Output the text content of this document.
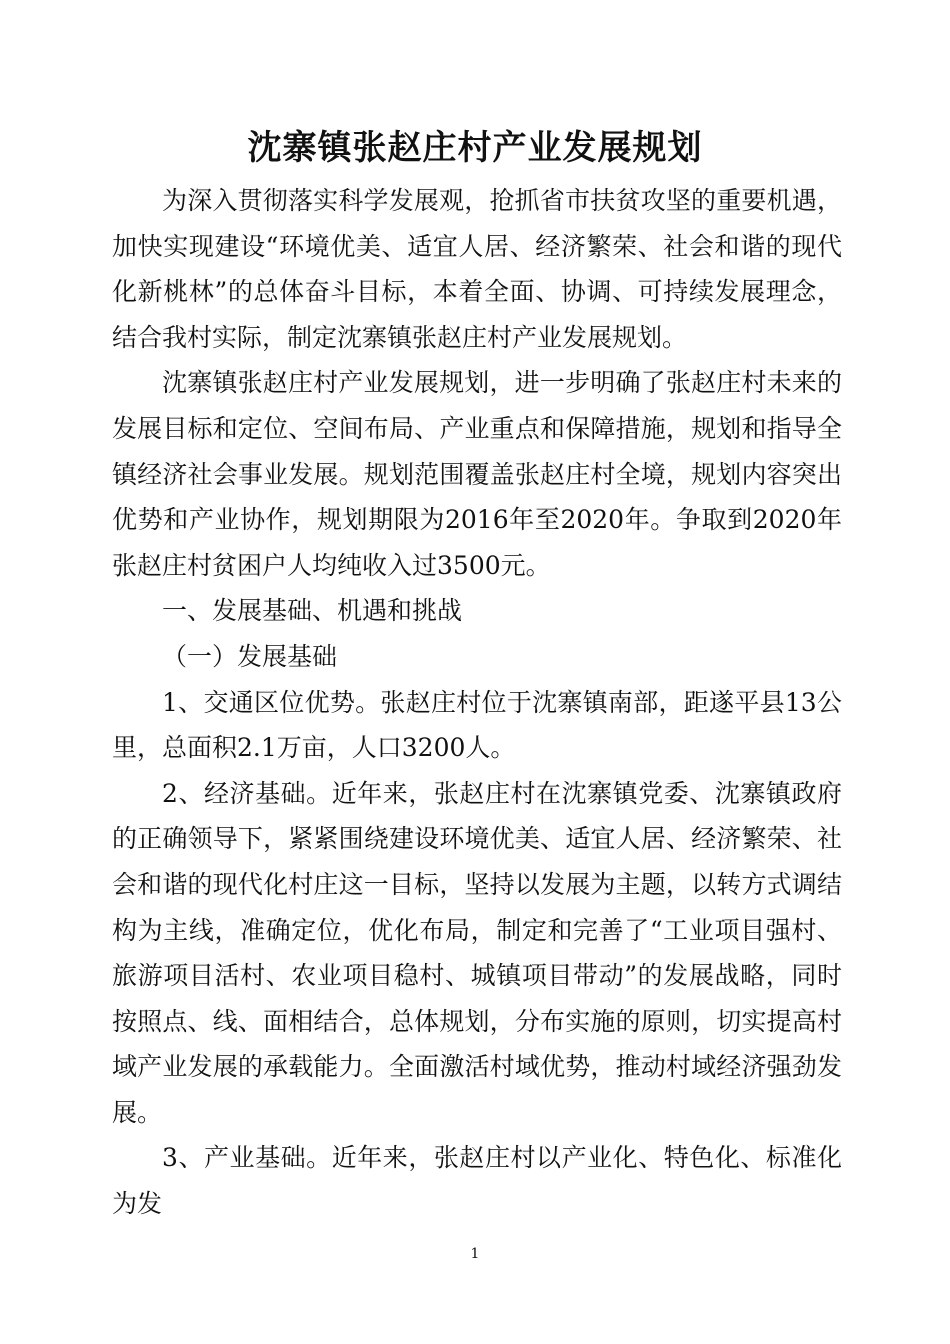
沈寨镇张赵庄村产业发展规划

为深入贯彻落实科学发展观，抢抓省市扶贫攻坚的重要机遇，加快实现建设“环境优美、适宜人居、经济繁荣、社会和谐的现代化新桃林”的总体奋斗目标，本着全面、协调、可持续发展理念，结合我村实际，制定沈寨镇张赵庄村产业发展规划。

沈寨镇张赵庄村产业发展规划，进一步明确了张赵庄村未来的发展目标和定位、空间布局、产业重点和保障措施，规划和指导全镇经济社会事业发展。规划范围覆盖张赵庄村全境，规划内容突出优势和产业协作，规划期限为2016年至2020年。争取到2020年张赵庄村贫困户人均纯收入过3500元。

一、发展基础、机遇和挑战

（一）发展基础

1、交通区位优势。张赵庄村位于沈寨镇南部，距遂平县13公里，总面积2.1万亩，人口3200人。

2、经济基础。近年来，张赵庄村在沈寨镇党委、沈寨镇政府的正确领导下，紧紧围绕建设环境优美、适宜人居、经济繁荣、社会和谐的现代化村庄这一目标，坚持以发展为主题，以转方式调结构为主线，准确定位，优化布局，制定和完善了“工业项目强村、旅游项目活村、农业项目稳村、城镇项目带动”的发展战略，同时按照点、线、面相结合，总体规划，分布实施的原则，切实提高村域产业发展的承载能力。全面激活村域优势，推动村域经济强劲发展。

3、产业基础。近年来，张赵庄村以产业化、特色化、标准化为发

1
